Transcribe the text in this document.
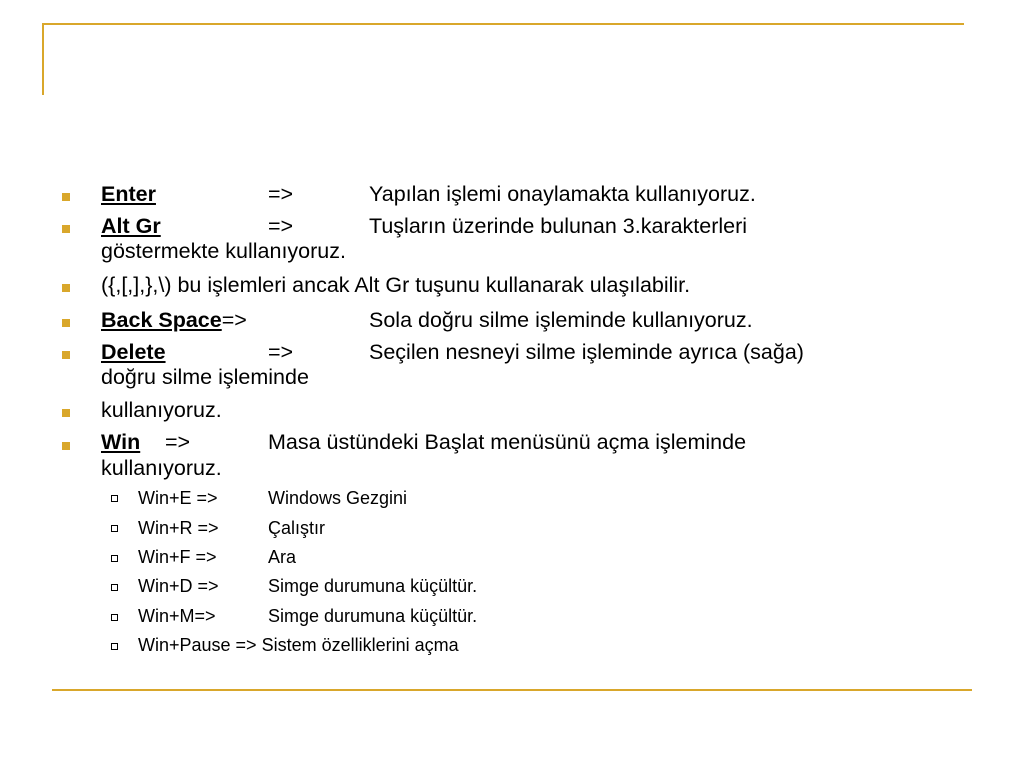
Enter	=>	Yapılan işlemi onaylamakta kullanıyoruz.
Alt Gr	=>	Tuşların üzerinde bulunan 3.karakterleri
göstermekte kullanıyoruz.
({,[,],},\) bu işlemleri ancak Alt Gr tuşunu kullanarak ulaşılabilir.
Back Space=>	Sola doğru silme işleminde kullanıyoruz.
Delete	=>	Seçilen nesneyi silme işleminde ayrıca (sağa)
doğru silme işleminde
kullanıyoruz.
Win =>	Masa üstündeki Başlat menüsünü açma işleminde
kullanıyoruz.
Win+E =>	Windows Gezgini
Win+R =>	Çalıştır
Win+F =>	Ara
Win+D =>	Simge durumuna küçültür.
Win+M=>	Simge durumuna küçültür.
Win+Pause => Sistem özelliklerini açma
